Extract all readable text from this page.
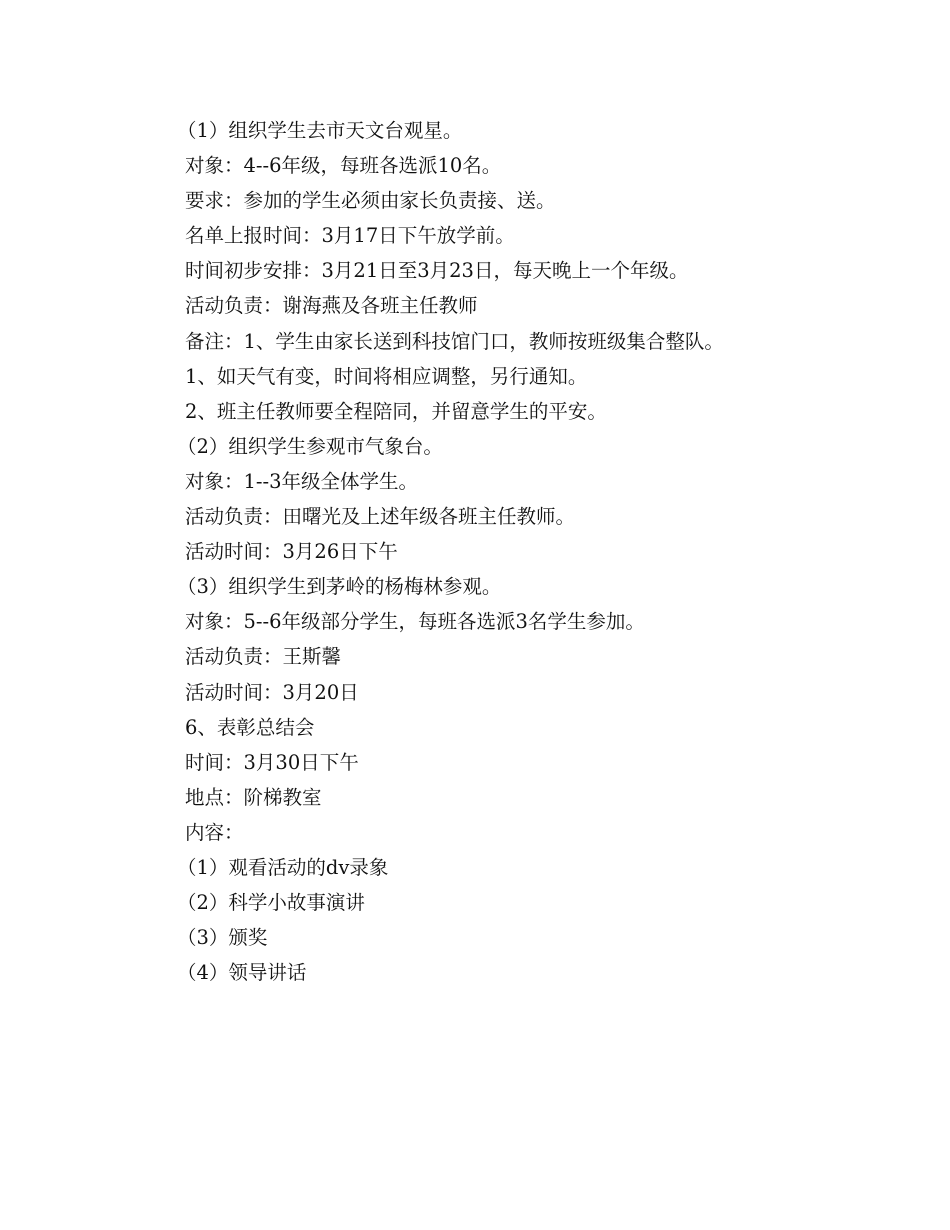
（1）组织学生去市天文台观星。
对象：4--6年级，每班各选派10名。
要求：参加的学生必须由家长负责接、送。
名单上报时间：3月17日下午放学前。
时间初步安排：3月21日至3月23日，每天晚上一个年级。
活动负责：谢海燕及各班主任教师
备注：1、学生由家长送到科技馆门口，教师按班级集合整队。
1、如天气有变，时间将相应调整，另行通知。
2、班主任教师要全程陪同，并留意学生的平安。
（2）组织学生参观市气象台。
对象：1--3年级全体学生。
活动负责：田曙光及上述年级各班主任教师。
活动时间：3月26日下午
（3）组织学生到茅岭的杨梅林参观。
对象：5--6年级部分学生，每班各选派3名学生参加。
活动负责：王斯馨
活动时间：3月20日
6、表彰总结会
时间：3月30日下午
地点：阶梯教室
内容：
（1）观看活动的dv录象
（2）科学小故事演讲
（3）颁奖
（4）领导讲话
